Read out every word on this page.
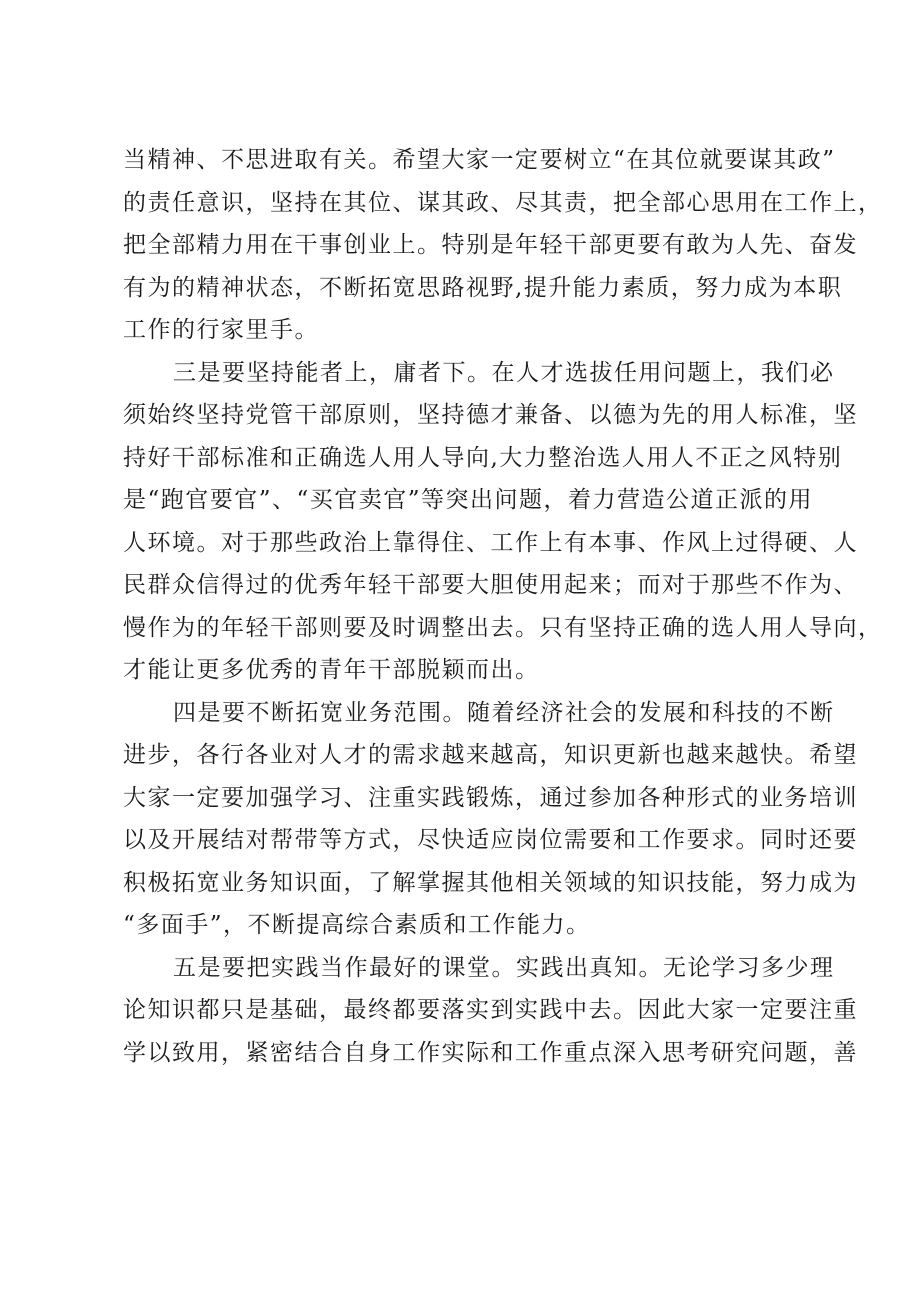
当精神、不思进取有关。希望大家一定要树立“在其位就要谋其政”
的责任意识，坚持在其位、谋其政、尽其责，把全部心思用在工作上，
把全部精力用在干事创业上。特别是年轻干部更要有敢为人先、奋发
有为的精神状态，不断拓宽思路视野,提升能力素质，努力成为本职
工作的行家里手。
三是要坚持能者上，庸者下。在人才选拔任用问题上，我们必
须始终坚持党管干部原则，坚持德才兼备、以德为先的用人标准，坚
持好干部标准和正确选人用人导向,大力整治选人用人不正之风特别
是“跑官要官”、“买官卖官”等突出问题，着力营造公道正派的用
人环境。对于那些政治上靠得住、工作上有本事、作风上过得硬、人
民群众信得过的优秀年轻干部要大胆使用起来；而对于那些不作为、
慢作为的年轻干部则要及时调整出去。只有坚持正确的选人用人导向，
才能让更多优秀的青年干部脱颖而出。
四是要不断拓宽业务范围。随着经济社会的发展和科技的不断
进步，各行各业对人才的需求越来越高，知识更新也越来越快。希望
大家一定要加强学习、注重实践锻炼，通过参加各种形式的业务培训
以及开展结对帮带等方式，尽快适应岗位需要和工作要求。同时还要
积极拓宽业务知识面，了解掌握其他相关领域的知识技能，努力成为
“多面手”，不断提高综合素质和工作能力。
五是要把实践当作最好的课堂。实践出真知。无论学习多少理
论知识都只是基础，最终都要落实到实践中去。因此大家一定要注重
学以致用，紧密结合自身工作实际和工作重点深入思考研究问题，善
